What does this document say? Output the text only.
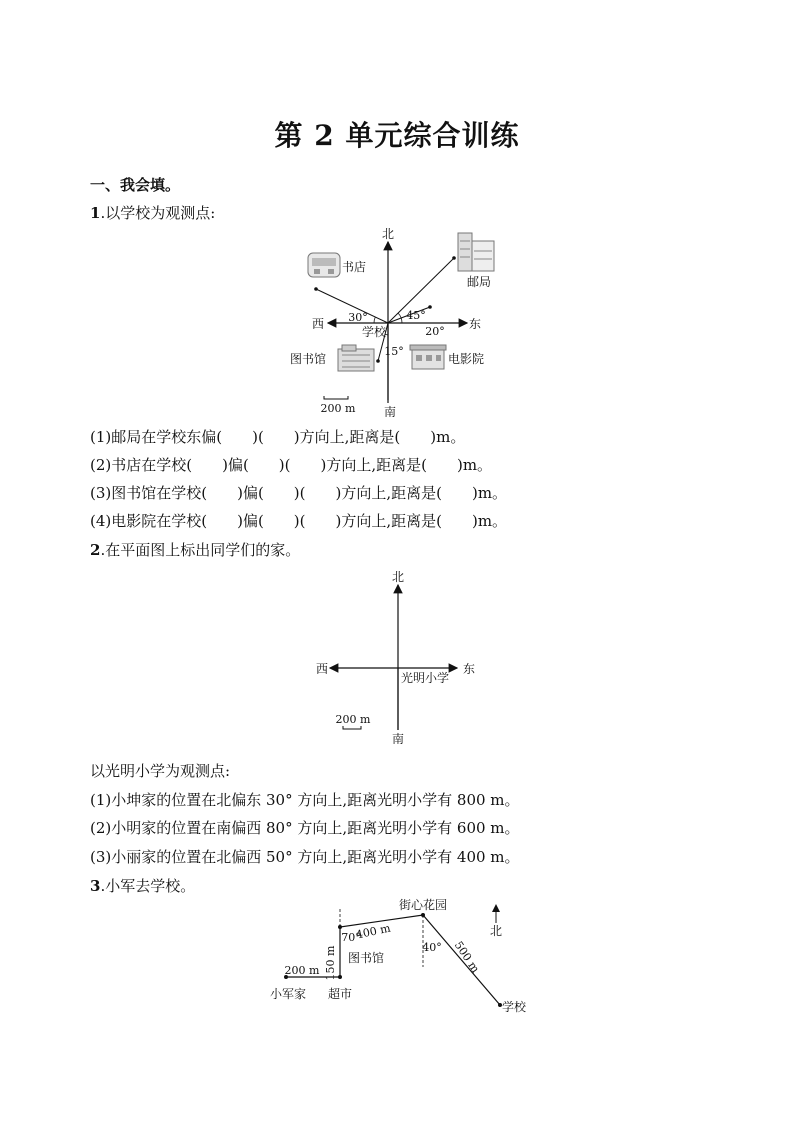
第 2 单元综合训练
一、我会填。
1.以学校为观测点:
北
南
西	东
学校
30°	45°
20°
15°
书店
邮局
图书馆	电影院
200 m
(1)邮局在学校东偏(　　)(　　)方向上,距离是(　　)m。
(2)书店在学校(　　)偏(　　)(　　)方向上,距离是(　　)m。
(3)图书馆在学校(　　)偏(　　)(　　)方向上,距离是(　　)m。
(4)电影院在学校(　　)偏(　　)(　　)方向上,距离是(　　)m。
2.在平面图上标出同学们的家。
北
南
西	东
光明小学
200 m
以光明小学为观测点:
(1)小坤家的位置在北偏东 30° 方向上,距离光明小学有 800 m。
(2)小明家的位置在南偏西 80° 方向上,距离光明小学有 600 m。
(3)小丽家的位置在北偏西 50° 方向上,距离光明小学有 400 m。
3.小军去学校。
北
小军家 超市
图书馆
街心花园
学校
200 m 150 m
400 m
500 m
70°
40°
